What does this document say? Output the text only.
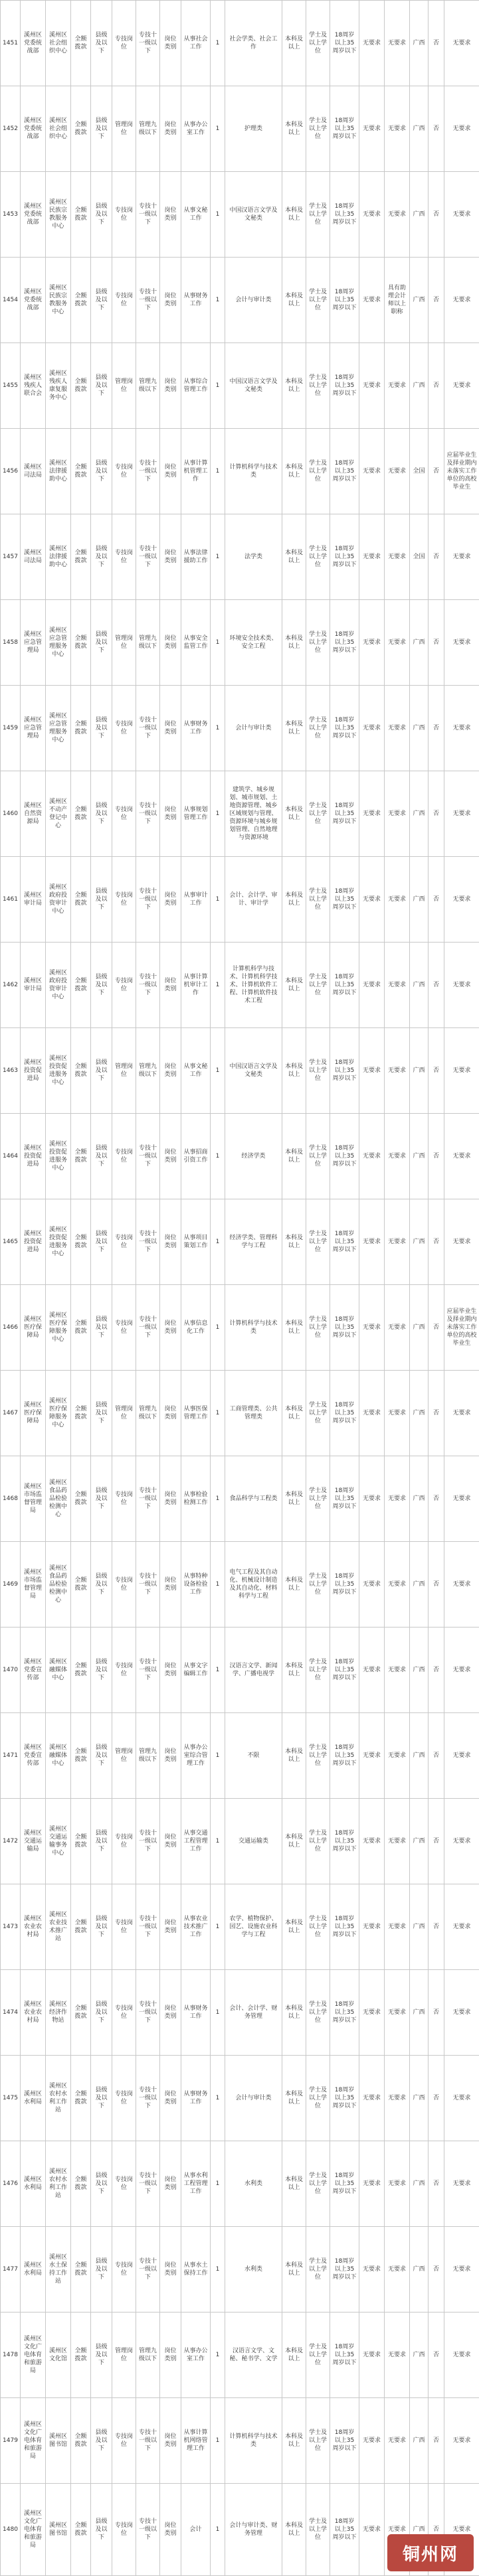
1451	溪州区党委统战部	溪州区社会组织中心	全额拨款	县级及以下	专技岗位	专技十一级以下	岗位类别	从事社会工作	1	社会学类、社会工作	本科及以上	学士及以上学位	18周岁以上35周岁以下	无要求	无要求	广西	否	无要求
1452	溪州区党委统战部	溪州区社会组织中心	全额拨款	县级及以下	管理岗位	管理九级以下	岗位类别	从事办公室工作	1	护理类	本科及以上	学士及以上学位	18周岁以上35周岁以下	无要求	无要求	广西	否	无要求
1453	溪州区党委统战部	溪州区民族宗教服务中心	全额拨款	县级及以下	专技岗位	专技十一级以下	岗位类别	从事文秘工作	1	中国汉语言文学及文秘类	本科及以上	学士及以上学位	18周岁以上35周岁以下	无要求	无要求	广西	否	无要求
1454	溪州区党委统战部	溪州区民族宗教服务中心	全额拨款	县级及以下	专技岗位	专技十一级以下	岗位类别	从事财务工作	1	会计与审计类	本科及以上	学士及以上学位	18周岁以上35周岁以下	无要求	具有助理会计师以上职称	广西	否	无要求
1455	溪州区残疾人联合会	溪州区残疾人康复服务中心	全额拨款	县级及以下	管理岗位	管理九级以下	岗位类别	从事综合管理工作	1	中国汉语言文学及文秘类	本科及以上	学士及以上学位	18周岁以上35周岁以下	无要求	无要求	广西	否	无要求
1456	溪州区司法局	溪州区法律援助中心	全额拨款	县级及以下	专技岗位	专技十一级以下	岗位类别	从事计算机管理工作	1	计算机科学与技术类	本科及以上	学士及以上学位	18周岁以上35周岁以下	无要求	无要求	全国	否	应届毕业生及择业期内未落实工作单位的高校毕业生
1457	溪州区司法局	溪州区法律援助中心	全额拨款	县级及以下	专技岗位	专技十一级以下	岗位类别	从事法律援助工作	1	法学类	本科及以上	学士及以上学位	18周岁以上35周岁以下	无要求	无要求	全国	否	无要求
1458	溪州区应急管理局	溪州区应急管理服务中心	全额拨款	县级及以下	管理岗位	管理九级以下	岗位类别	从事安全监管工作	1	环境安全技术类、安全工程	本科及以上	学士及以上学位	18周岁以上35周岁以下	无要求	无要求	广西	否	无要求
1459	溪州区应急管理局	溪州区应急管理服务中心	全额拨款	县级及以下	专技岗位	专技十一级以下	岗位类别	从事财务工作	1	会计与审计类	本科及以上	学士及以上学位	18周岁以上35周岁以下	无要求	无要求	广西	否	无要求
1460	溪州区自然资源局	溪州区不动产登记中心	全额拨款	县级及以下	专技岗位	专技十一级以下	岗位类别	从事规划管理工作	1	建筑学、城乡规划、城市规划、土地资源管理、城乡区域规划与管理、资源环境与城乡规划管理、自然地理与资源环境	本科及以上	学士及以上学位	18周岁以上35周岁以下	无要求	无要求	广西	否	无要求
1461	溪州区审计局	溪州区政府投资审计中心	全额拨款	县级及以下	专技岗位	专技十一级以下	岗位类别	从事审计工作	1	会计、会计学、审计、审计学	本科及以上	学士及以上学位	18周岁以上35周岁以下	无要求	无要求	广西	否	无要求
1462	溪州区审计局	溪州区政府投资审计中心	全额拨款	县级及以下	专技岗位	专技十一级以下	岗位类别	从事计算机审计工作	1	计算机科学与技术、计算机科学技术、计算机软件工程、计算机软件技术工程	本科及以上	学士及以上学位	18周岁以上35周岁以下	无要求	无要求	广西	否	无要求
1463	溪州区投资促进局	溪州区投资促进服务中心	全额拨款	县级及以下	管理岗位	管理九级以下	岗位类别	从事文秘工作	1	中国汉语言文学及文秘类	本科及以上	学士及以上学位	18周岁以上35周岁以下	无要求	无要求	广西	否	无要求
1464	溪州区投资促进局	溪州区投资促进服务中心	全额拨款	县级及以下	专技岗位	专技十一级以下	岗位类别	从事招商引资工作	1	经济学类	本科及以上	学士及以上学位	18周岁以上35周岁以下	无要求	无要求	广西	否	无要求
1465	溪州区投资促进局	溪州区投资促进服务中心	全额拨款	县级及以下	专技岗位	专技十一级以下	岗位类别	从事项目策划工作	1	经济学类、管理科学与工程	本科及以上	学士及以上学位	18周岁以上35周岁以下	无要求	无要求	广西	否	无要求
1466	溪州区医疗保障局	溪州区医疗保障服务中心	全额拨款	县级及以下	专技岗位	专技十一级以下	岗位类别	从事信息化工作	1	计算机科学与技术类	本科及以上	学士及以上学位	18周岁以上35周岁以下	无要求	无要求	广西	否	应届毕业生及择业期内未落实工作单位的高校毕业生
1467	溪州区医疗保障局	溪州区医疗保障服务中心	全额拨款	县级及以下	管理岗位	管理九级以下	岗位类别	从事医保管理工作	1	工商管理类、公共管理类	本科及以上	学士及以上学位	18周岁以上35周岁以下	无要求	无要求	广西	否	无要求
1468	溪州区市场监督管理局	溪州区食品药品检验检测中心	全额拨款	县级及以下	专技岗位	专技十一级以下	岗位类别	从事检验检测工作	1	食品科学与工程类	本科及以上	学士及以上学位	18周岁以上35周岁以下	无要求	无要求	广西	否	无要求
1469	溪州区市场监督管理局	溪州区食品药品检验检测中心	全额拨款	县级及以下	专技岗位	专技十一级以下	岗位类别	从事特种设备检验工作	1	电气工程及其自动化、机械设计制造及其自动化、材料科学与工程	本科及以上	学士及以上学位	18周岁以上35周岁以下	无要求	无要求	广西	否	无要求
1470	溪州区党委宣传部	溪州区融媒体中心	全额拨款	县级及以下	专技岗位	专技十一级以下	岗位类别	从事文字编辑工作	1	汉语言文学、新闻学、广播电视学	本科及以上	学士及以上学位	18周岁以上35周岁以下	无要求	无要求	广西	否	无要求
1471	溪州区党委宣传部	溪州区融媒体中心	全额拨款	县级及以下	管理岗位	管理九级以下	岗位类别	从事办公室综合管理工作	1	不限	本科及以上	学士及以上学位	18周岁以上35周岁以下	无要求	无要求	广西	否	无要求
1472	溪州区交通运输局	溪州区交通运输事务中心	全额拨款	县级及以下	专技岗位	专技十一级以下	岗位类别	从事交通工程管理工作	1	交通运输类	本科及以上	学士及以上学位	18周岁以上35周岁以下	无要求	无要求	广西	否	无要求
1473	溪州区农业农村局	溪州区农业技术推广站	全额拨款	县级及以下	专技岗位	专技十一级以下	岗位类别	从事农业技术推广工作	1	农学、植物保护、园艺、设施农业科学与工程	本科及以上	学士及以上学位	18周岁以上35周岁以下	无要求	无要求	广西	否	无要求
1474	溪州区农业农村局	溪州区经济作物站	全额拨款	县级及以下	专技岗位	专技十一级以下	岗位类别	从事财务工作	1	会计、会计学、财务管理	本科及以上	学士及以上学位	18周岁以上35周岁以下	无要求	无要求	广西	否	无要求
1475	溪州区水利局	溪州区农村水利工作站	全额拨款	县级及以下	专技岗位	专技十一级以下	岗位类别	从事财务工作	1	会计与审计类	本科及以上	学士及以上学位	18周岁以上35周岁以下	无要求	无要求	广西	否	无要求
1476	溪州区水利局	溪州区农村水利工作站	全额拨款	县级及以下	专技岗位	专技十一级以下	岗位类别	从事水利工程管理工作	1	水利类	本科及以上	学士及以上学位	18周岁以上35周岁以下	无要求	无要求	广西	否	无要求
1477	溪州区水利局	溪州区水土保持工作站	全额拨款	县级及以下	专技岗位	专技十一级以下	岗位类别	从事水土保持工作	1	水利类	本科及以上	学士及以上学位	18周岁以上35周岁以下	无要求	无要求	广西	否	无要求
1478	溪州区文化广电体育和旅游局	溪州区文化馆	全额拨款	县级及以下	管理岗位	管理九级以下	岗位类别	从事办公室工作	1	汉语言文学、文秘、秘书学、文学	本科及以上	学士及以上学位	18周岁以上35周岁以下	无要求	无要求	广西	否	无要求
1479	溪州区文化广电体育和旅游局	溪州区图书馆	全额拨款	县级及以下	专技岗位	专技十一级以下	岗位类别	从事计算机网络管理工作	1	计算机科学与技术类	本科及以上	学士及以上学位	18周岁以上35周岁以下	无要求	无要求	广西	否	无要求
1480	溪州区文化广电体育和旅游局	溪州区图书馆	全额拨款	县级及以下	专技岗位	专技十一级以下	岗位类别	会计	1	会计与审计类、财务管理	本科及以上	学士及以上学位	18周岁以上35周岁以下	无要求	无要求	广西	否	无要求
铜州网
